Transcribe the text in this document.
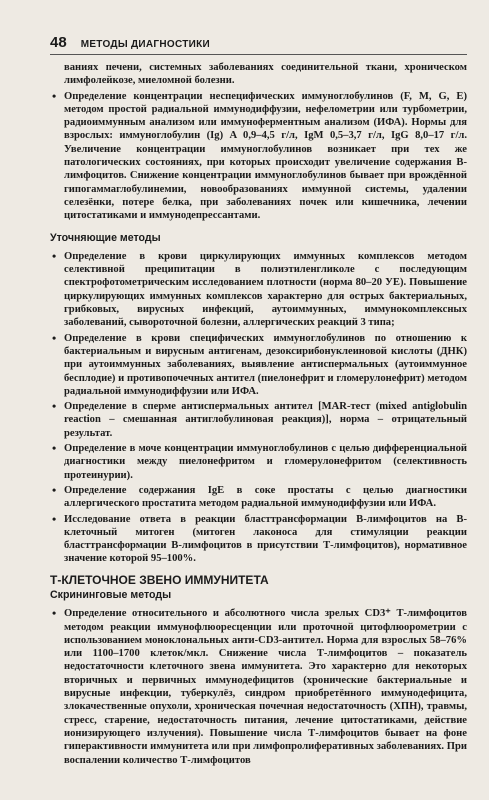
48 МЕТОДЫ ДИАГНОСТИКИ
ваниях печени, системных заболеваниях соединительной ткани, хроническом лимфолейкозе, миеломной болезни.
• Определение концентрации неспецифических иммуноглобулинов (F, M, G, E) методом простой радиальной иммунодиффузии, нефелометрии или турбометрии, радиоиммунным анализом или иммуноферментным анализом (ИФА). Нормы для взрослых: иммуноглобулин (Ig) A 0,9–4,5 г/л, IgM 0,5–3,7 г/л, IgG 8,0–17 г/л. Увеличение концентрации иммуноглобулинов возникает при тех же патологических состояниях, при которых происходит увеличение содержания В-лимфоцитов. Снижение концентрации иммуноглобулинов бывает при врождённой гипогаммаглобулинемии, новообразованиях иммунной системы, удалении селезёнки, потере белка, при заболеваниях почек или кишечника, лечении цитостатиками и иммунодепрессантами.
Уточняющие методы
• Определение в крови циркулирующих иммунных комплексов методом селективной преципитации в полиэтиленгликоле с последующим спектрофотометрическим исследованием плотности (норма 80–20 УЕ). Повышение циркулирующих иммунных комплексов характерно для острых бактериальных, грибковых, вирусных инфекций, аутоиммунных, иммунокомплексных заболеваний, сывороточной болезни, аллергических реакций 3 типа;
• Определение в крови специфических иммуноглобулинов по отношению к бактериальным и вирусным антигенам, дезоксирибонуклеиновой кислоты (ДНК) при аутоиммунных заболеваниях, выявление антиспермальных (аутоиммунное бесплодие) и противопочечных антител (пиелонефрит и гломерулонефрит) методом радиальной иммунодиффузии или ИФА.
• Определение в сперме антиспермальных антител [MAR-тест (mixed antiglobulin reaction – смешанная антиглобулиновая реакция)], норма – отрицательный результат.
• Определение в моче концентрации иммуноглобулинов с целью дифференциальной диагностики между пиелонефритом и гломерулонефритом (селективность протеинурии).
• Определение содержания IgE в соке простаты с целью диагностики аллергического простатита методом радиальной иммунодиффузии или ИФА.
• Исследование ответа в реакции бласттрансформации В-лимфоцитов на В-клеточный митоген (митоген лаконоса для стимуляции реакции бласттрансформации В-лимфоцитов в присутствии Т-лимфоцитов), нормативное значение которой 95–100%.
Т-КЛЕТОЧНОЕ ЗВЕНО ИММУНИТЕТА
Скрининговые методы
• Определение относительного и абсолютного числа зрелых CD3⁺ Т-лимфоцитов методом реакции иммунофлюоресценции или проточной цитофлюорометрии с использованием моноклональных анти-CD3-антител. Норма для взрослых 58–76% или 1100–1700 клеток/мкл. Снижение числа Т-лимфоцитов – показатель недостаточности клеточного звена иммунитета. Это характерно для некоторых вторичных и первичных иммунодефицитов (хронические бактериальные и вирусные инфекции, туберкулёз, синдром приобретённого иммунодефицита, злокачественные опухоли, хроническая почечная недостаточность (ХПН), травмы, стресс, старение, недостаточность питания, лечение цитостатиками, действие ионизирующего излучения). Повышение числа Т-лимфоцитов бывает на фоне гиперактивности иммунитета или при лимфопролиферативных заболеваниях. При воспалении количество Т-лимфоцитов
